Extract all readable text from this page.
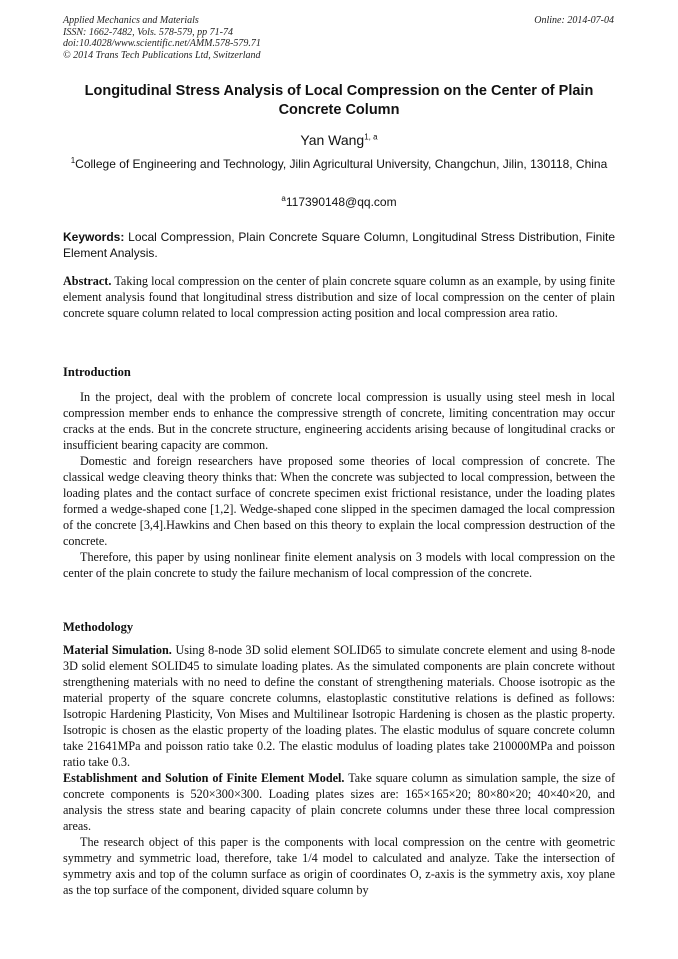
Applied Mechanics and Materials
ISSN: 1662-7482, Vols. 578-579, pp 71-74
doi:10.4028/www.scientific.net/AMM.578-579.71
© 2014 Trans Tech Publications Ltd, Switzerland
Online: 2014-07-04
Longitudinal Stress Analysis of Local Compression on the Center of Plain Concrete Column
Yan Wang$^{1, a}$
$^1$College of Engineering and Technology, Jilin Agricultural University, Changchun, Jilin, 130118, China
$^a$117390148@qq.com
Keywords: Local Compression, Plain Concrete Square Column, Longitudinal Stress Distribution, Finite Element Analysis.

Abstract. Taking local compression on the center of plain concrete square column as an example, by using finite element analysis found that longitudinal stress distribution and size of local compression on the center of plain concrete square column related to local compression acting position and local compression area ratio.

Introduction

In the project, deal with the problem of concrete local compression is usually using steel mesh in local compression member ends to enhance the compressive strength of concrete, limiting concentration may occur cracks at the ends. But in the concrete structure, engineering accidents arising because of longitudinal cracks or insufficient bearing capacity are common.

Domestic and foreign researchers have proposed some theories of local compression of concrete. The classical wedge cleaving theory thinks that: When the concrete was subjected to local compression, between the loading plates and the contact surface of concrete specimen exist frictional resistance, under the loading plates formed a wedge-shaped cone [1,2]. Wedge-shaped cone slipped in the specimen damaged the local compression of the concrete [3,4].Hawkins and Chen based on this theory to explain the local compression destruction of the concrete.

Therefore, this paper by using nonlinear finite element analysis on 3 models with local compression on the center of the plain concrete to study the failure mechanism of local compression of the concrete.

Methodology

Material Simulation. Using 8-node 3D solid element SOLID65 to simulate concrete element and using 8-node 3D solid element SOLID45 to simulate loading plates. As the simulated components are plain concrete without strengthening materials with no need to define the constant of strengthening materials. Choose isotropic as the material property of the square concrete columns, elastoplastic constitutive relations is defined as follows: Isotropic Hardening Plasticity, Von Mises and Multilinear Isotropic Hardening is chosen as the plastic property. Isotropic is chosen as the elastic property of the loading plates. The elastic modulus of square concrete column take 21641MPa and poisson ratio take 0.2. The elastic modulus of loading plates take 210000MPa and poisson ratio take 0.3.

Establishment and Solution of Finite Element Model. Take square column as simulation sample, the size of concrete components is 520×300×300. Loading plates sizes are: 165×165×20; 80×80×20; 40×40×20, and analysis the stress state and bearing capacity of plain concrete columns under these three local compression areas.

The research object of this paper is the components with local compression on the centre with geometric symmetry and symmetric load, therefore, take 1/4 model to calculated and analyze. Take the intersection of symmetry axis and top of the column surface as origin of coordinates O, z-axis is the symmetry axis, xoy plane as the top surface of the component, divided square column by
